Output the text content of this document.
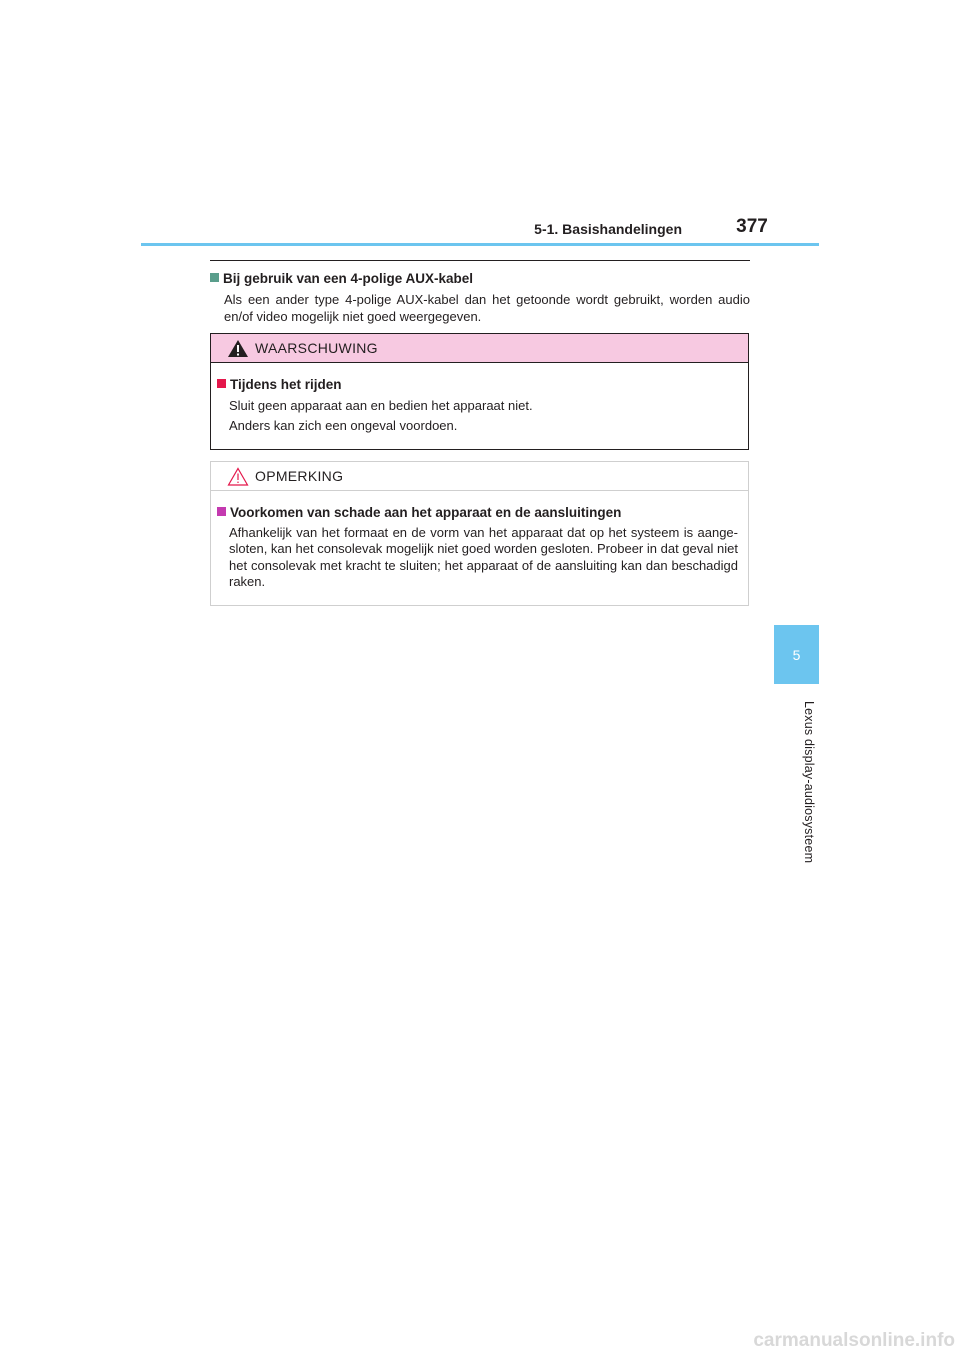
5-1. Basishandelingen	377
5
Lexus display-audiosysteem
Bij gebruik van een 4-polige AUX-kabel
Als een ander type 4-polige AUX-kabel dan het getoonde wordt gebruikt, worden audio en/of video mogelijk niet goed weergegeven.
WAARSCHUWING
Tijdens het rijden
Sluit geen apparaat aan en bedien het apparaat niet.
Anders kan zich een ongeval voordoen.
OPMERKING
Voorkomen van schade aan het apparaat en de aansluitingen
Afhankelijk van het formaat en de vorm van het apparaat dat op het systeem is aange-sloten, kan het consolevak mogelijk niet goed worden gesloten. Probeer in dat geval niet het consolevak met kracht te sluiten; het apparaat of de aansluiting kan dan beschadigd raken.
carmanualsonline.info
